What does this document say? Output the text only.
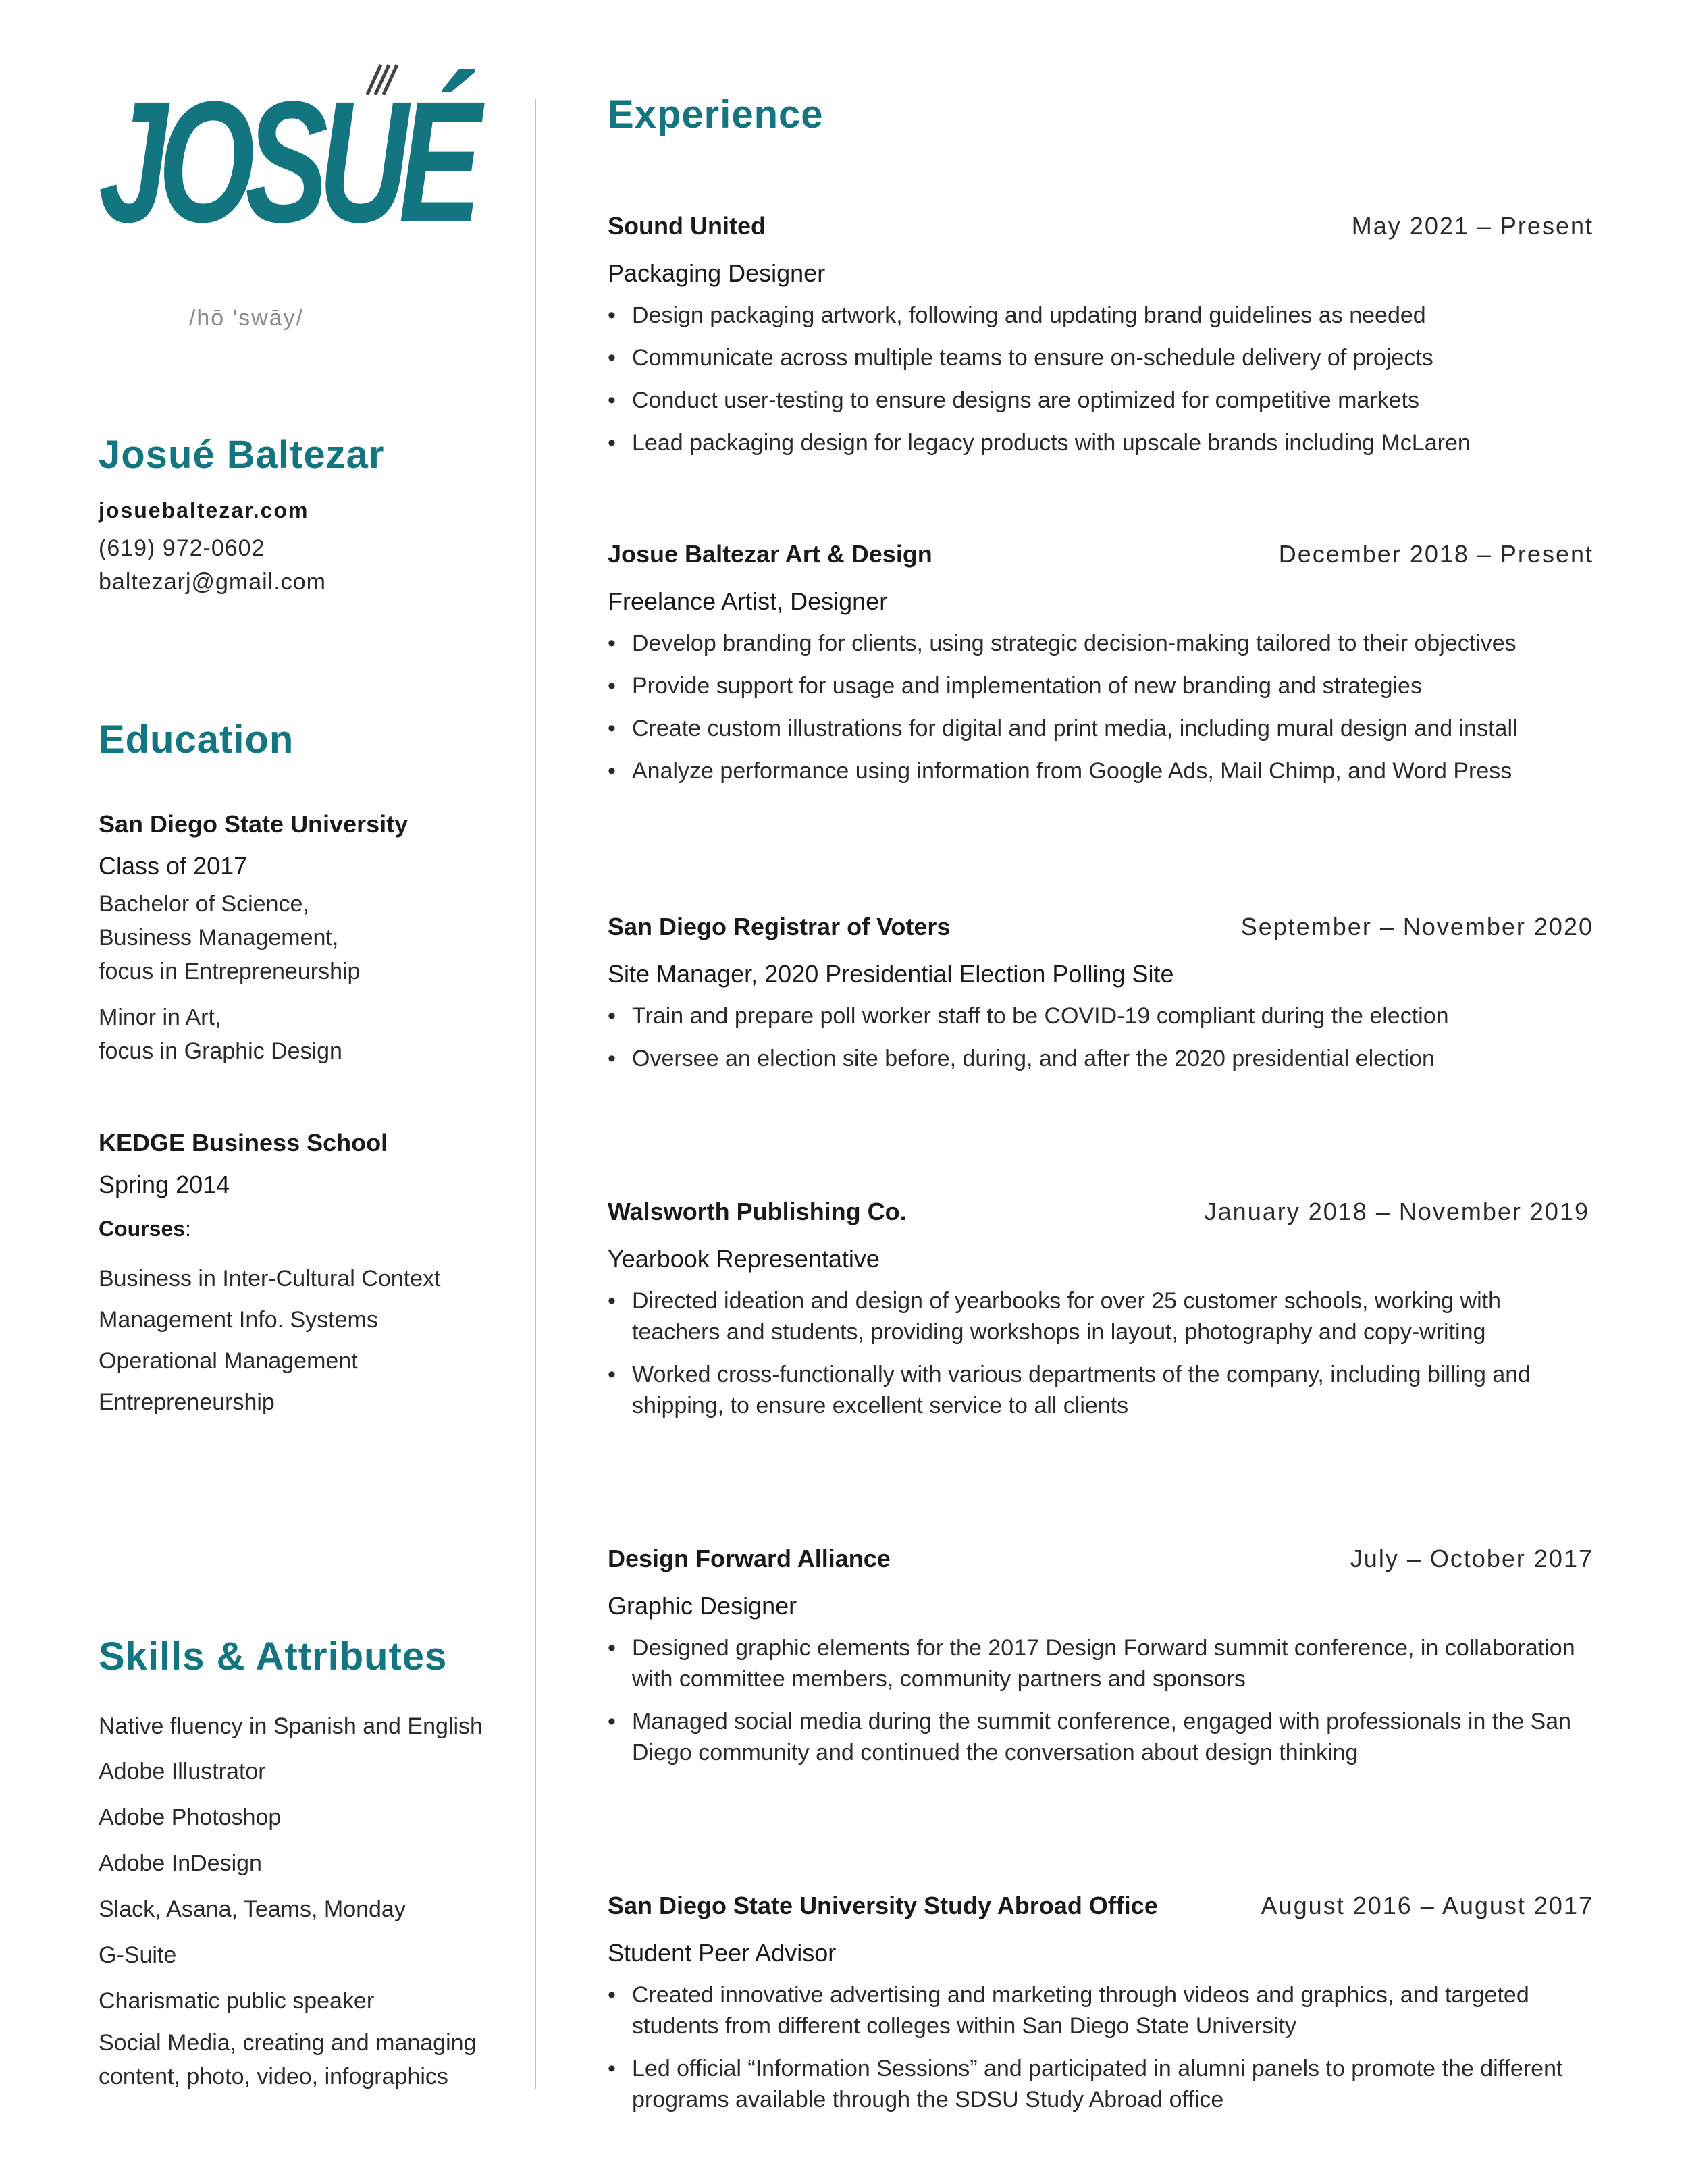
JOSUÉ
/hō ʹswāy/
Josué Baltezar
josuebaltezar.com
(619) 972-0602
baltezarj@gmail.com
Education
San Diego State University
Class of 2017
Bachelor of Science,
Business Management,
focus in Entrepreneurship
Minor in Art,
focus in Graphic Design
KEDGE Business School
Spring 2014
Courses:
Business in Inter-Cultural Context
Management Info. Systems
Operational Management
Entrepreneurship
Skills & Attributes
Native fluency in Spanish and English
Adobe Illustrator
Adobe Photoshop
Adobe InDesign
Slack, Asana, Teams, Monday
G-Suite
Charismatic public speaker
Social Media, creating and managing
content, photo, video, infographics
Experience
Sound United	May 2021 – Present
Packaging Designer
• Design packaging artwork, following and updating brand guidelines as needed
• Communicate across multiple teams to ensure on-schedule delivery of projects
• Conduct user-testing to ensure designs are optimized for competitive markets
• Lead packaging design for legacy products with upscale brands including McLaren
Josue Baltezar Art & Design	December 2018 – Present
Freelance Artist, Designer
• Develop branding for clients, using strategic decision-making tailored to their objectives
• Provide support for usage and implementation of new branding and strategies
• Create custom illustrations for digital and print media, including mural design and install
• Analyze performance using information from Google Ads, Mail Chimp, and Word Press
San Diego Registrar of Voters	September – November 2020
Site Manager, 2020 Presidential Election Polling Site
• Train and prepare poll worker staff to be COVID-19 compliant during the election
• Oversee an election site before, during, and after the 2020 presidential election
Walsworth Publishing Co.	January 2018 – November 2019
Yearbook Representative
• Directed ideation and design of yearbooks for over 25 customer schools, working with teachers and students, providing workshops in layout, photography and copy-writing
• Worked cross-functionally with various departments of the company, including billing and shipping, to ensure excellent service to all clients
Design Forward Alliance	July – October 2017
Graphic Designer
• Designed graphic elements for the 2017 Design Forward summit conference, in collaboration with committee members, community partners and sponsors
• Managed social media during the summit conference, engaged with professionals in the San Diego community and continued the conversation about design thinking
San Diego State University Study Abroad Office	August 2016 – August 2017
Student Peer Advisor
• Created innovative advertising and marketing through videos and graphics, and targeted students from different colleges within San Diego State University
• Led official “Information Sessions” and participated in alumni panels to promote the different programs available through the SDSU Study Abroad office
